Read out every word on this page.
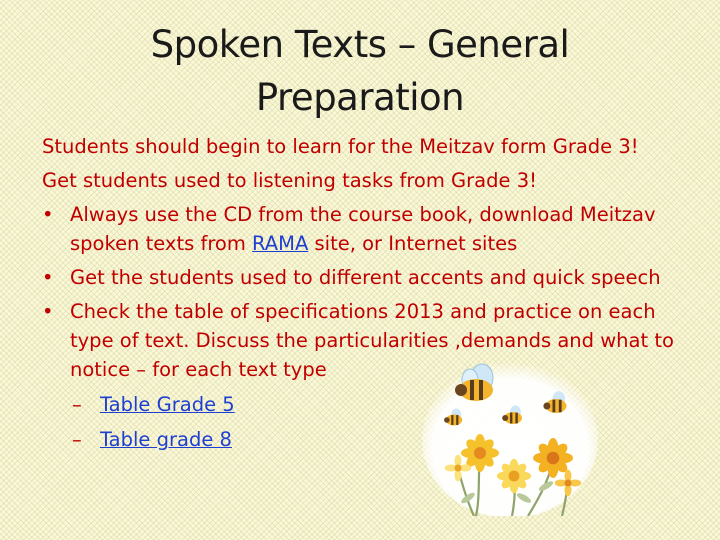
Spoken Texts – General Preparation

Students should begin to learn for the Meitzav form Grade 3!

Get students used to listening tasks from Grade 3!

• Always use the CD from the course book, download Meitzav spoken texts from RAMA site, or Internet sites
• Get the students used to different accents and quick speech
• Check the table of specifications 2013 and practice on each type of text. Discuss the particularities ,demands and what to notice – for each text type
– Table Grade 5
– Table grade 8
